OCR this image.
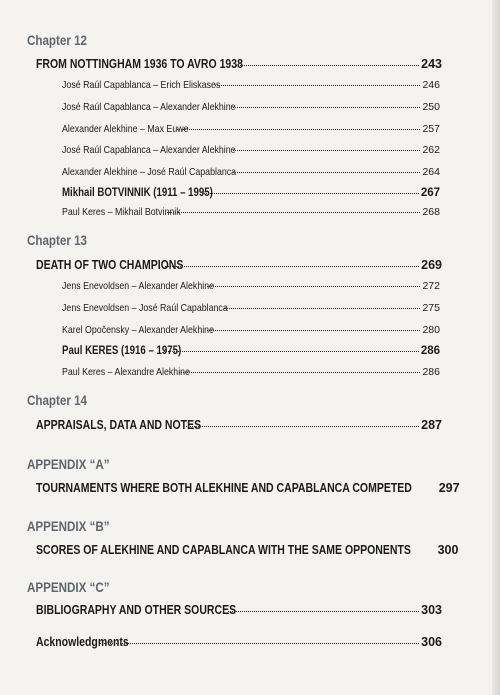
Chapter 12
FROM NOTTINGHAM 1936 TO AVRO 1938	243
José Raúl Capablanca – Erich Eliskases	246
José Raúl Capablanca – Alexander Alekhine	250
Alexander Alekhine – Max Euwe	257
José Raúl Capablanca – Alexander Alekhine	262
Alexander Alekhine – José Raúl Capablanca	264
Mikhail BOTVINNIK (1911 – 1995)	267
Paul Keres – Mikhail Botvinnik	268
Chapter 13
DEATH OF TWO CHAMPIONS	269
Jens Enevoldsen – Alexander Alekhine	272
Jens Enevoldsen – José Raúl Capablanca	275
Karel Opočensky – Alexander Alekhine	280
Paul KERES (1916 – 1975)	286
Paul Keres – Alexandre Alekhine	286
Chapter 14
APPRAISALS, DATA AND NOTES	287
APPENDIX “A”
TOURNAMENTS WHERE BOTH ALEKHINE AND CAPABLANCA COMPETED 297
APPENDIX “B”
SCORES OF ALEKHINE AND CAPABLANCA WITH THE SAME OPPONENTS 300
APPENDIX “C”
BIBLIOGRAPHY AND OTHER SOURCES	303
Acknowledgments	306
